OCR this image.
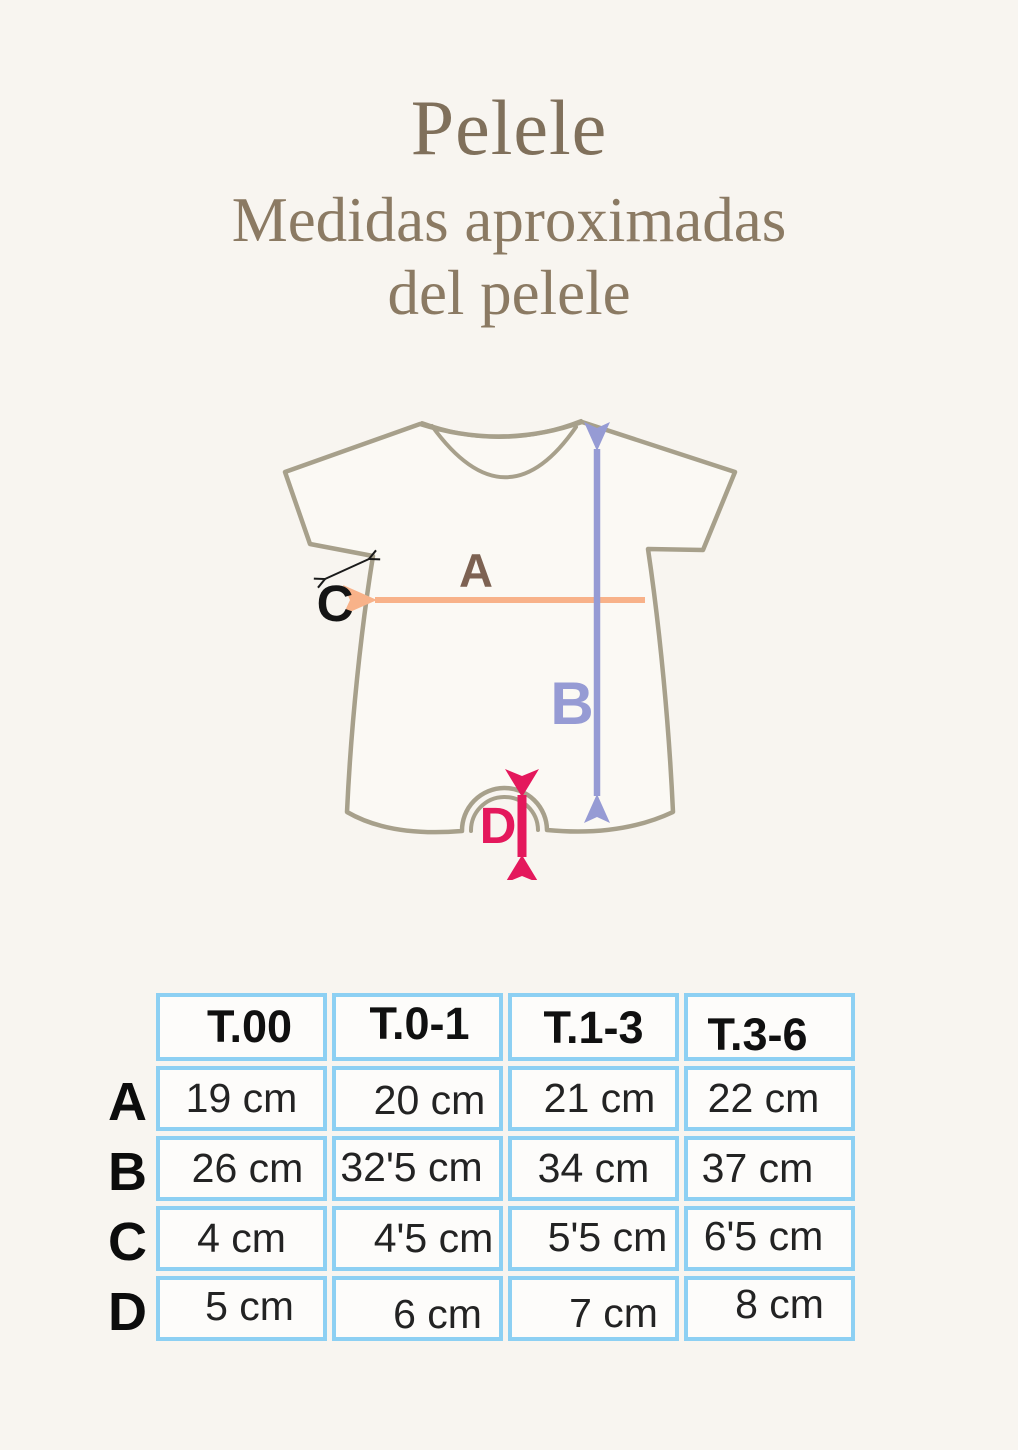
Pelele
Medidas aproximadas
del pelele
A
B
C
D
	T.00	T.0-1	T.1-3	T.3-6
A	19 cm	20 cm	21 cm	22 cm
B	26 cm	32'5 cm	34 cm	37 cm
C	4 cm	4'5 cm	5'5 cm	6'5 cm
D	5 cm	6 cm	7 cm	8 cm
